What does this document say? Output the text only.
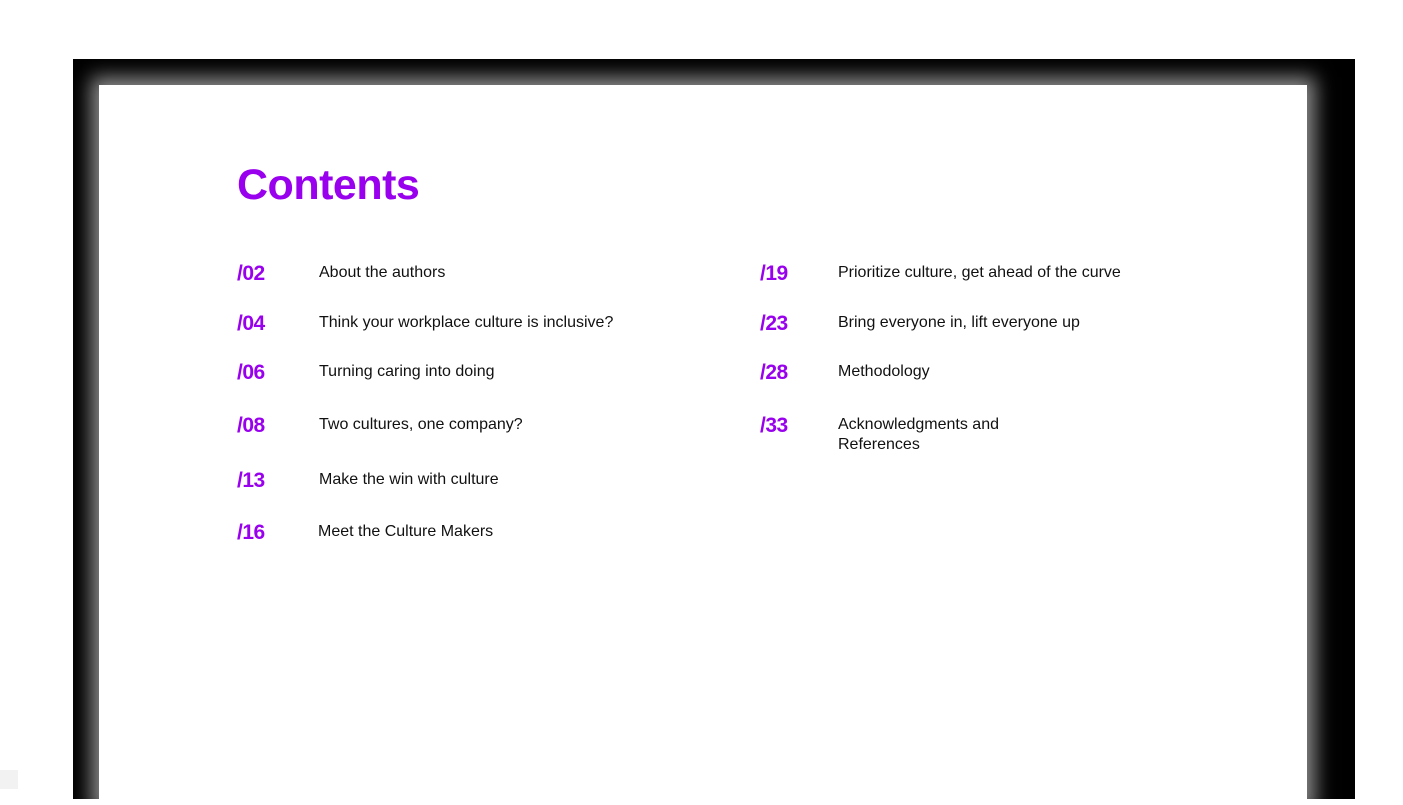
Contents
/02	About the authors
/04	Think your workplace culture is inclusive?
/06	Turning caring into doing
/08	Two cultures, one company?
/13	Make the win with culture
/16	Meet the Culture Makers
/19	Prioritize culture, get ahead of the curve
/23	Bring everyone in, lift everyone up
/28	Methodology
/33	Acknowledgments and References
